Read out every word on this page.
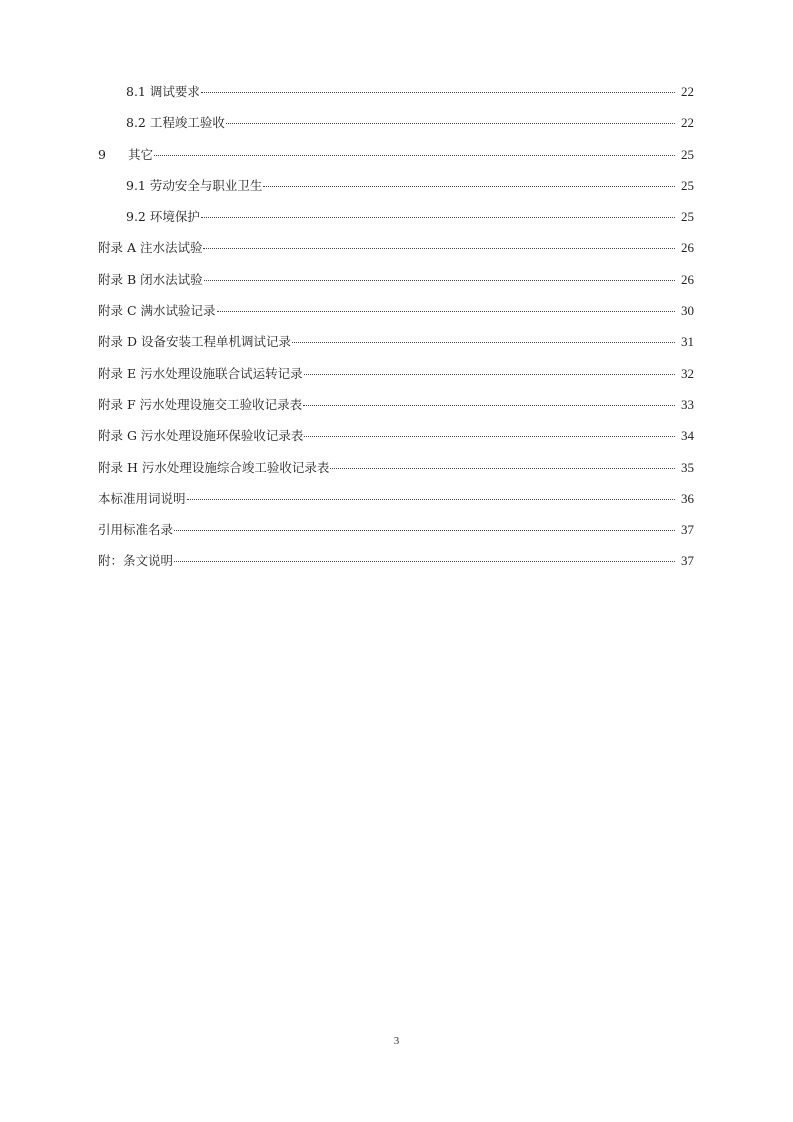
8.1 调试要求	22
8.2 工程竣工验收	22
9 其它	25
9.1 劳动安全与职业卫生	25
9.2 环境保护	25
附录 A 注水法试验	26
附录 B 闭水法试验	26
附录 C 满水试验记录	30
附录 D 设备安装工程单机调试记录	31
附录 E 污水处理设施联合试运转记录	32
附录 F 污水处理设施交工验收记录表	33
附录 G 污水处理设施环保验收记录表	34
附录 H 污水处理设施综合竣工验收记录表	35
本标准用词说明	36
引用标准名录	37
附：条文说明	37
3
